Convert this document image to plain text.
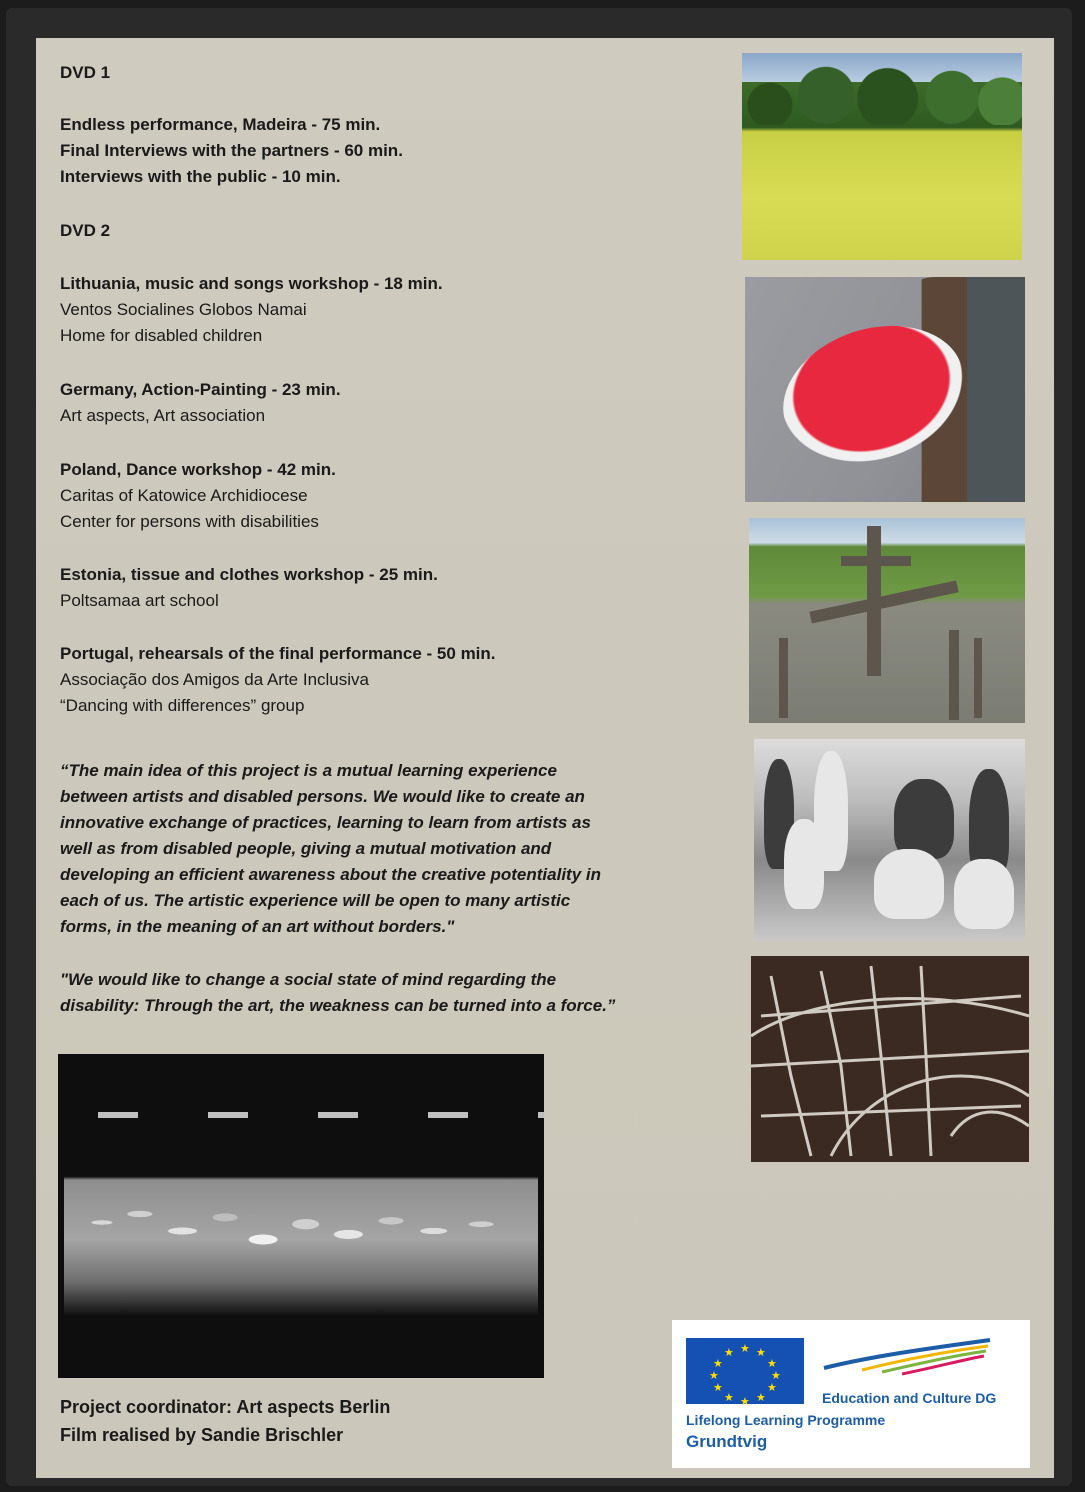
DVD 1

Endless performance, Madeira - 75 min.

Final Interviews with the partners - 60 min.

Interviews with the public - 10 min.

DVD 2

Lithuania, music and songs workshop - 18 min.

Ventos Socialines Globos Namai

Home for disabled children

Germany, Action-Painting - 23 min.

Art aspects, Art association

Poland, Dance workshop - 42 min.

Caritas of Katowice Archidiocese

Center for persons with disabilities

Estonia, tissue and clothes workshop - 25 min.

Poltsamaa art school

Portugal, rehearsals of the final performance - 50 min.

Associação dos Amigos da Arte Inclusiva

“Dancing with differences” group

“The main idea of this project is a mutual learning experience

between artists and disabled persons. We would like to create an

innovative exchange of practices, learning to learn from artists as

well as from disabled people, giving a mutual motivation and

developing an efficient awareness about the creative potentiality in

each of us. The artistic experience will be open to many artistic

forms, in the meaning of an art without borders."

"We would like to change a social state of mind regarding the

disability: Through the art, the weakness can be turned into a force.”

Project coordinator: Art aspects Berlin

Film realised by Sandie Brischler

★ ★
★
★
★
★
★
★
★
★
★
★

Education and Culture DG

Lifelong Learning Programme

Grundtvig
